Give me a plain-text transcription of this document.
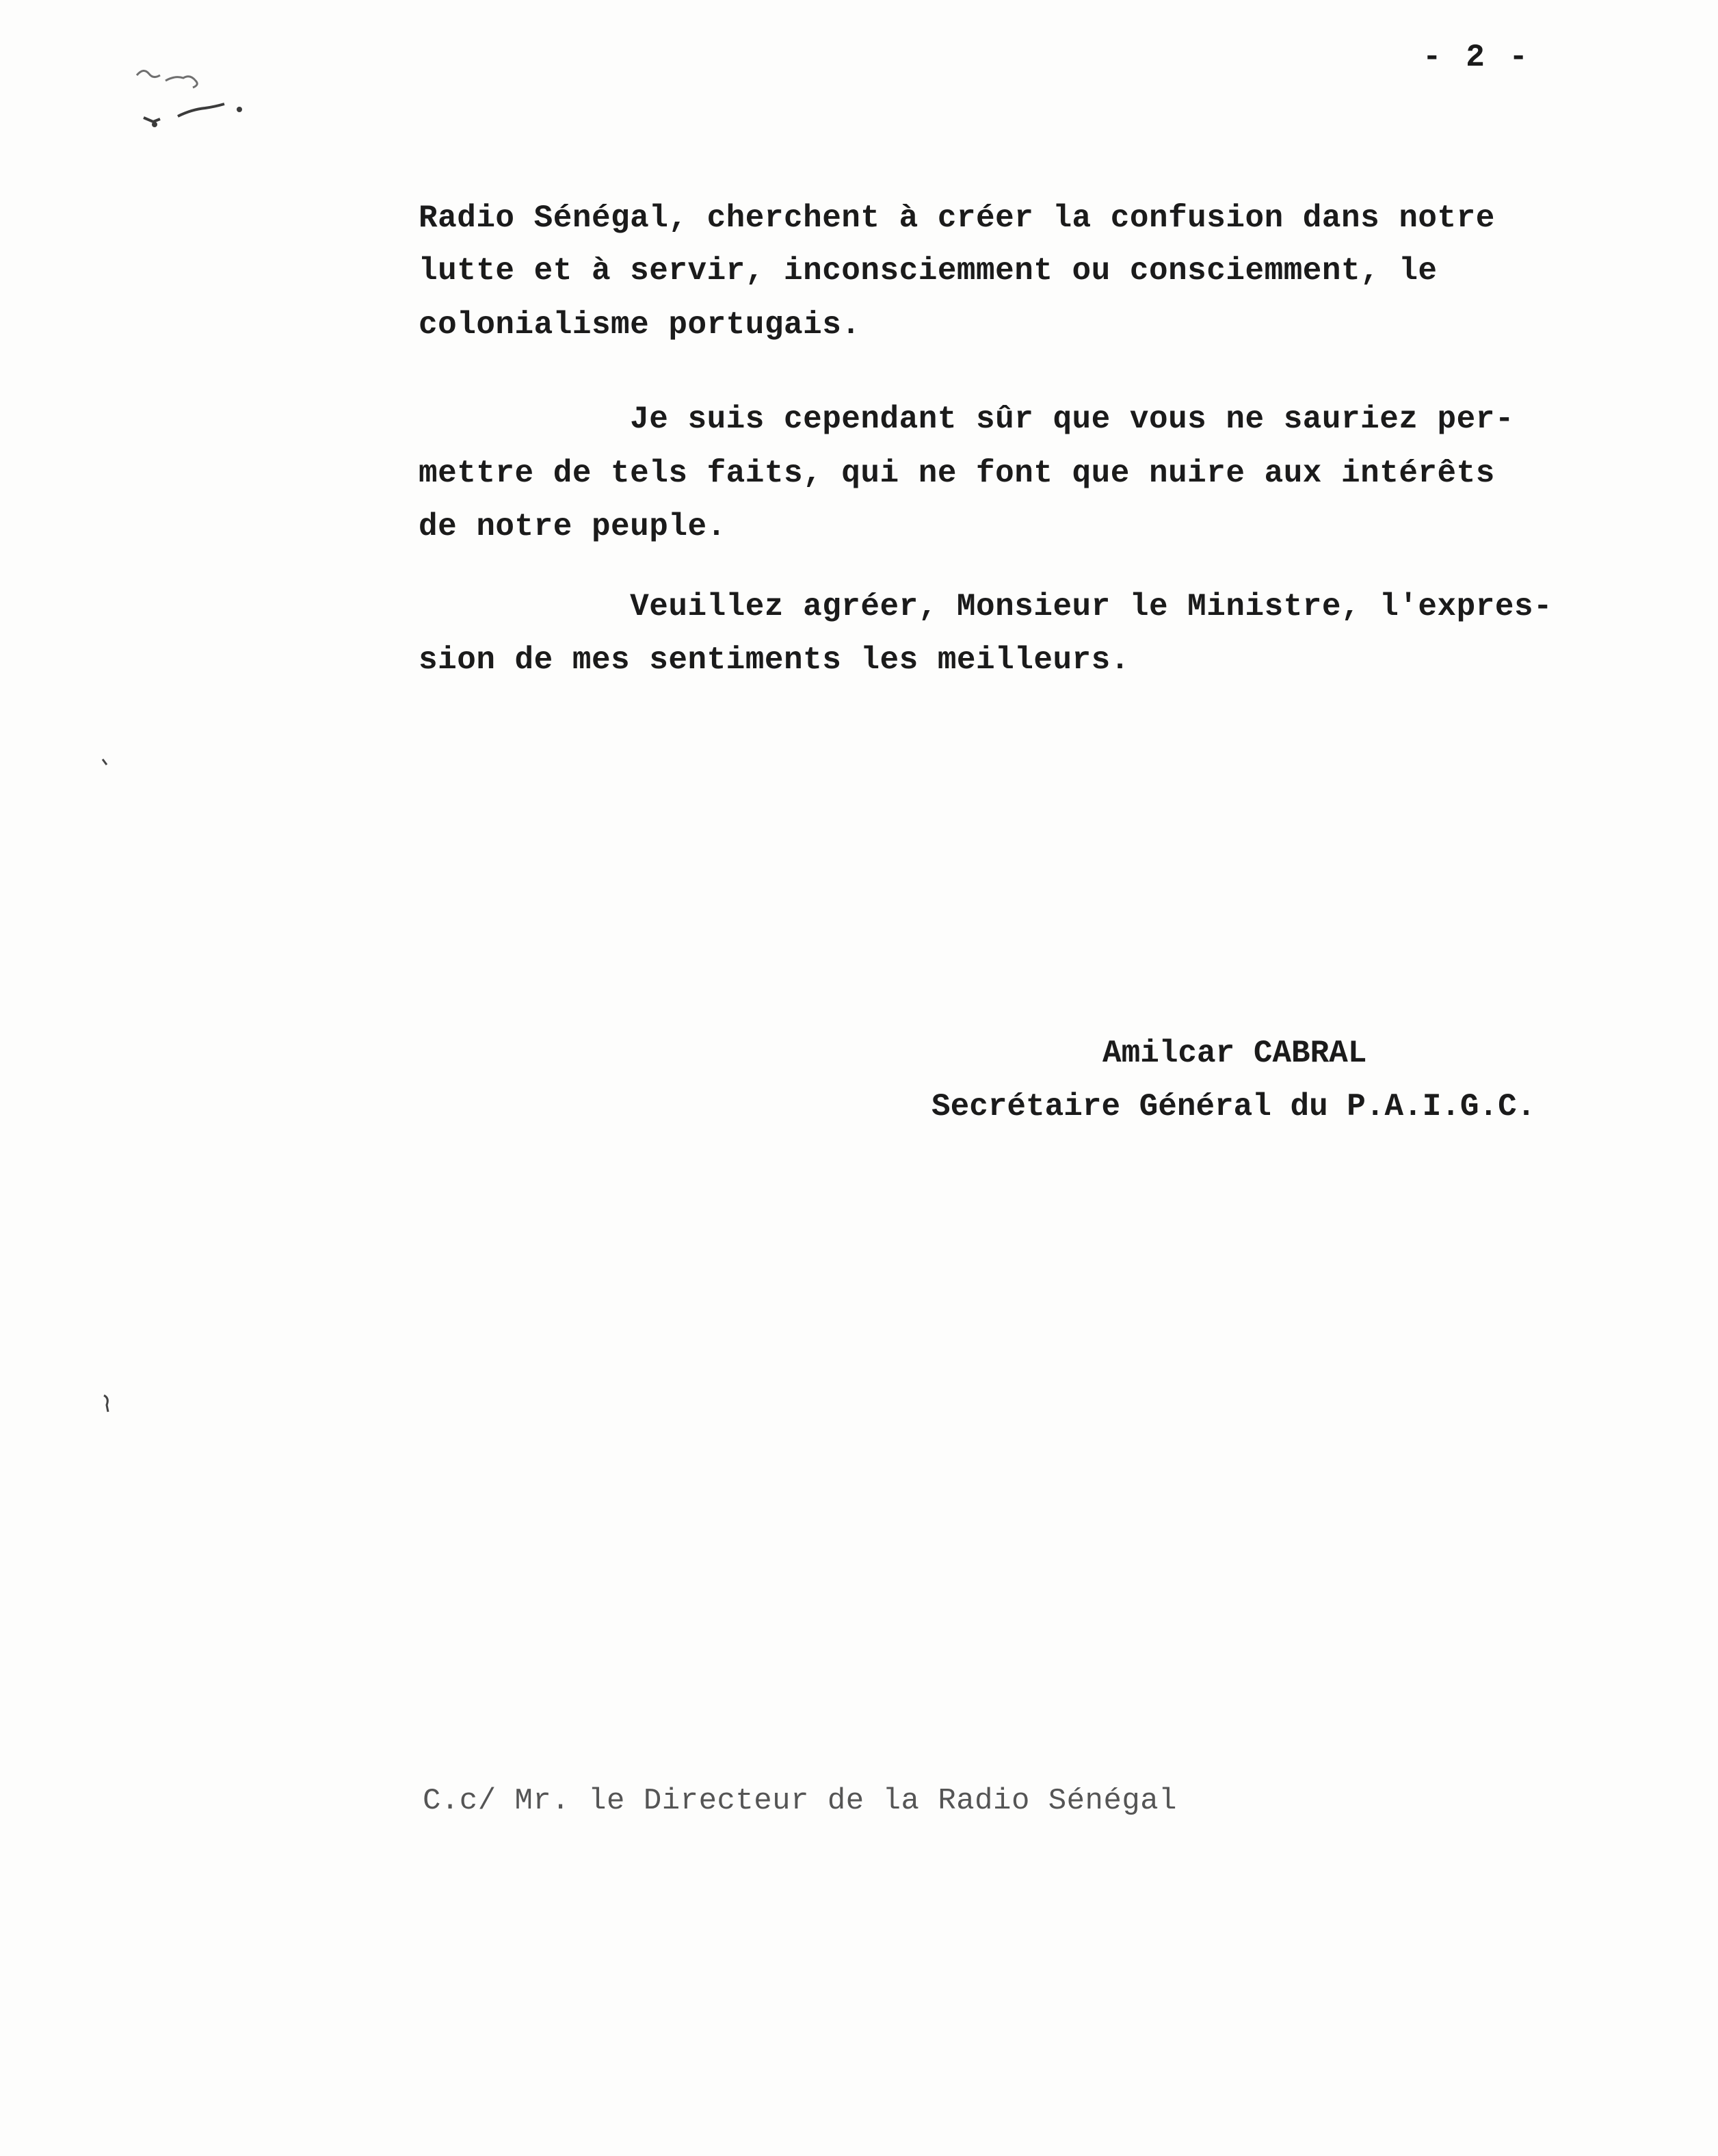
- 2 -
Radio Sénégal, cherchent à créer la confusion dans notre
lutte et à servir, inconsciemment ou consciemment, le
colonialisme portugais.
Je suis cependant sûr que vous ne sauriez per-
mettre de tels faits, qui ne font que nuire aux intérêts
de notre peuple.
Veuillez agréer, Monsieur le Ministre, l'expres-
sion de mes sentiments les meilleurs.
Amilcar CABRAL
Secrétaire Général du P.A.I.G.C.
C.c/ Mr. le Directeur de la Radio Sénégal
